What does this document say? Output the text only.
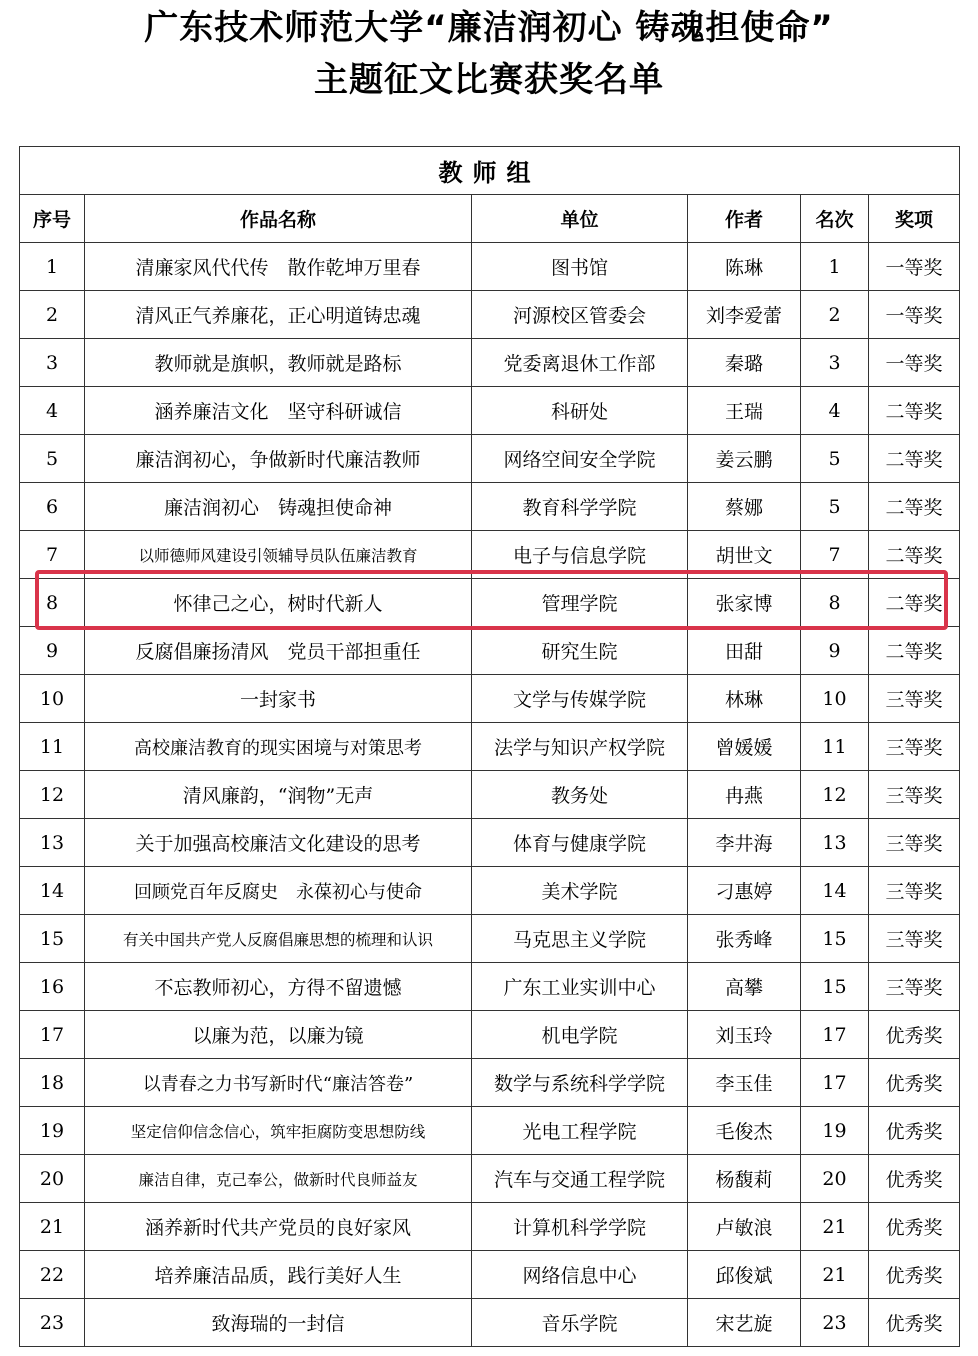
广东技术师范大学“廉洁润初心 铸魂担使命”
主题征文比赛获奖名单
教师组					
序号	作品名称	单位	作者	名次	奖项
1	清廉家风代代传　散作乾坤万里春	图书馆	陈琳	1	一等奖
2	清风正气养廉花，正心明道铸忠魂	河源校区管委会	刘李爱蕾	2	一等奖
3	教师就是旗帜，教师就是路标	党委离退休工作部	秦璐	3	一等奖
4	涵养廉洁文化　坚守科研诚信	科研处	王瑞	4	二等奖
5	廉洁润初心，争做新时代廉洁教师	网络空间安全学院	姜云鹏	5	二等奖
6	廉洁润初心　铸魂担使命神	教育科学学院	蔡娜	5	二等奖
7	以师德师风建设引领辅导员队伍廉洁教育	电子与信息学院	胡世文	7	二等奖
8	怀律己之心，树时代新人	管理学院	张家博	8	二等奖
9	反腐倡廉扬清风　党员干部担重任	研究生院	田甜	9	二等奖
10	一封家书	文学与传媒学院	林琳	10	三等奖
11	高校廉洁教育的现实困境与对策思考	法学与知识产权学院	曾媛媛	11	三等奖
12	清风廉韵，“润物”无声	教务处	冉燕	12	三等奖
13	关于加强高校廉洁文化建设的思考	体育与健康学院	李井海	13	三等奖
14	回顾党百年反腐史　永葆初心与使命	美术学院	刁惠婷	14	三等奖
15	有关中国共产党人反腐倡廉思想的梳理和认识	马克思主义学院	张秀峰	15	三等奖
16	不忘教师初心，方得不留遗憾	广东工业实训中心	高攀	15	三等奖
17	以廉为范，以廉为镜	机电学院	刘玉玲	17	优秀奖
18	以青春之力书写新时代“廉洁答卷”	数学与系统科学学院	李玉佳	17	优秀奖
19	坚定信仰信念信心，筑牢拒腐防变思想防线	光电工程学院	毛俊杰	19	优秀奖
20	廉洁自律，克己奉公，做新时代良师益友	汽车与交通工程学院	杨馥莉	20	优秀奖
21	涵养新时代共产党员的良好家风	计算机科学学院	卢敏浪	21	优秀奖
22	培养廉洁品质，践行美好人生	网络信息中心	邱俊斌	21	优秀奖
23	致海瑞的一封信	音乐学院	宋艺旋	23	优秀奖
